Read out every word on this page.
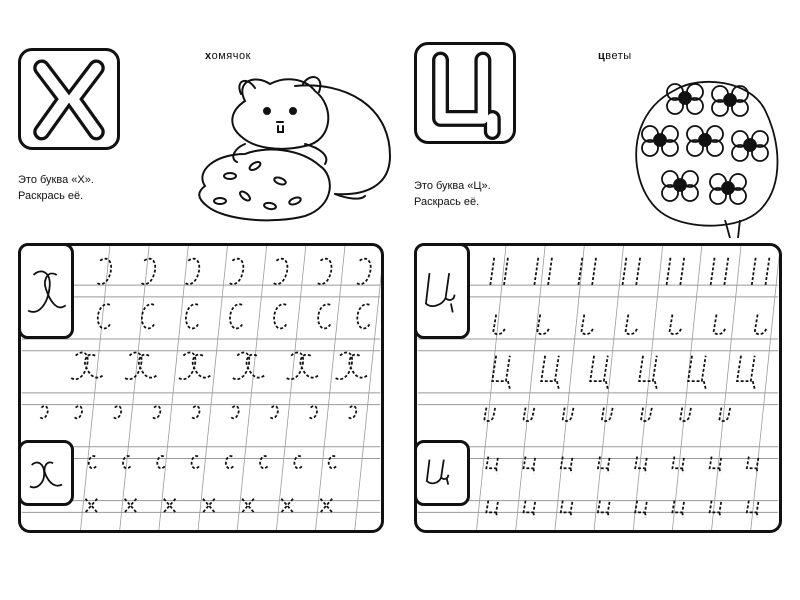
хомячок
Это буква «Х».
Раскрась её.
цветы
Это буква «Ц».
Раскрась её.
